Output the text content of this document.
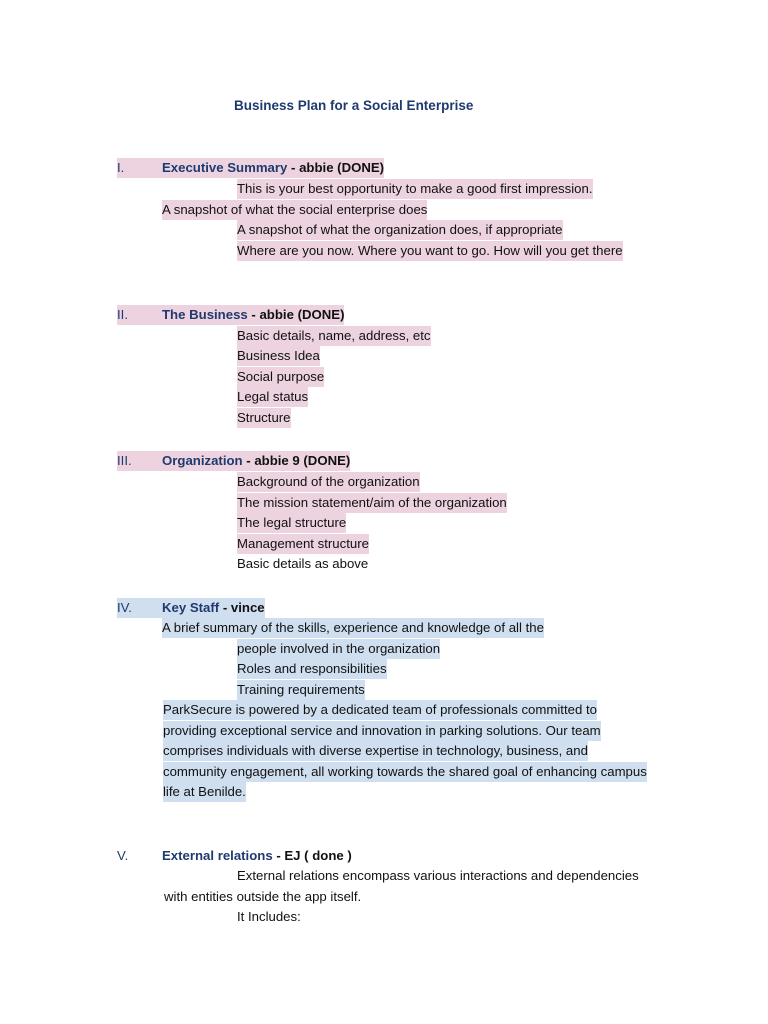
Business Plan for a Social Enterprise
I.	Executive Summary - abbie (DONE)
This is your best opportunity to make a good first impression.
A snapshot of what the social enterprise does
A snapshot of what the organization does, if appropriate
Where are you now. Where you want to go. How will you get there
II.	The Business - abbie (DONE)
Basic details, name, address, etc
Business Idea
Social purpose
Legal status
Structure
III.	Organization - abbie 9 (DONE)
Background of the organization
The mission statement/aim of the organization
The legal structure
Management structure
Basic details as above
IV.	Key Staff - vince
A brief summary of the skills, experience and knowledge of all the
people involved in the organization
Roles and responsibilities
Training requirements
ParkSecure is powered by a dedicated team of professionals committed to
providing exceptional service and innovation in parking solutions. Our team
comprises individuals with diverse expertise in technology, business, and
community engagement, all working towards the shared goal of enhancing campus
life at Benilde.
V.	External relations - EJ ( done )
External relations encompass various interactions and dependencies
with entities outside the app itself.
It Includes:
